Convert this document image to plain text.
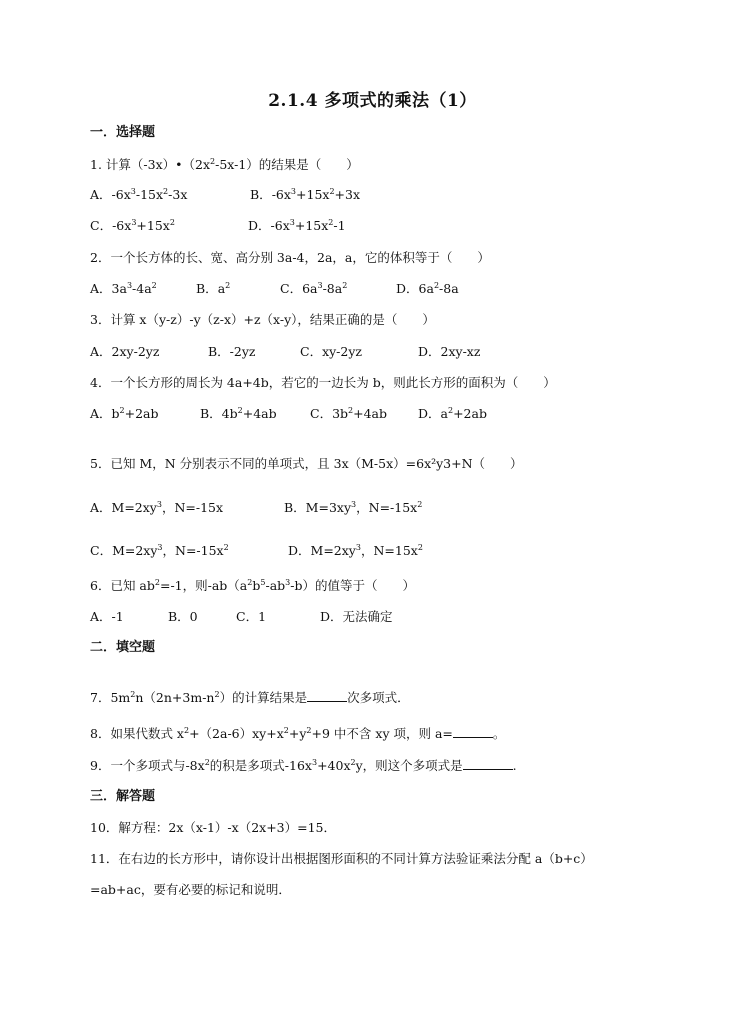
2.1.4 多项式的乘法（1）
一．选择题
1. 计算$(-3x)•(2x^2-5x-1)$的结果是（　　）
A．$-6x^3-15x^2-3x$	B．$-6x^3+15x^2+3x$
C．$-6x^3+15x^2$	D．$-6x^3+15x^2-1$
2．一个长方体的长、宽、高分别 3a-4，2a，a，它的体积等于（　　）
A．$3a^3-4a^2$	B．$a^2$	C．$6a^3-8a^2$	D．$6a^2-8a$
3．计算 x（y-z）-y（z-x）+z（x-y），结果正确的是（　　）
A．2xy-2yz	B．-2yz	C．xy-2yz	D．2xy-xz
4．一个长方形的周长为 4a+4b，若它的一边长为 b，则此长方形的面积为（　　）
A．$b^2+2ab$	B．$4b^2+4ab$	C．$3b^2+4ab$ D．$a^2+2ab$
5．已知 M，N 分别表示不同的单项式，且 3x（M-5x）=6x²y3+N（　　）
A．$M=2xy^3$，N=-15x	B．$M=3xy^3$，$N=-15x^2$
C．$M=2xy^3$，$N=-15x^2$	D．$M=2xy^3$，$N=15x^2$
6．已知 $ab^2=-1$，则$-ab(a^2b^5-ab^3-b)$的值等于（　　）
A．-1	B．0	C．1	D．无法确定
二．填空题
7．$5m^2n(2n+3m-n^2)$的计算结果是	次多项式．
8．如果代数式 $x^2+(2a-6)xy+x^2+y^2+9$ 中不含 xy 项，则 a=	。
9．一个多项式与$-8x^2$的积是多项式$-16x^3+40x^2y$，则这个多项式是	.
三．解答题
10．解方程：2x（x-1）-x（2x+3）=15．
11．在右边的长方形中，请你设计出根据图形面积的不同计算方法验证乘法分配 a（b+c）
=ab+ac，要有必要的标记和说明．
